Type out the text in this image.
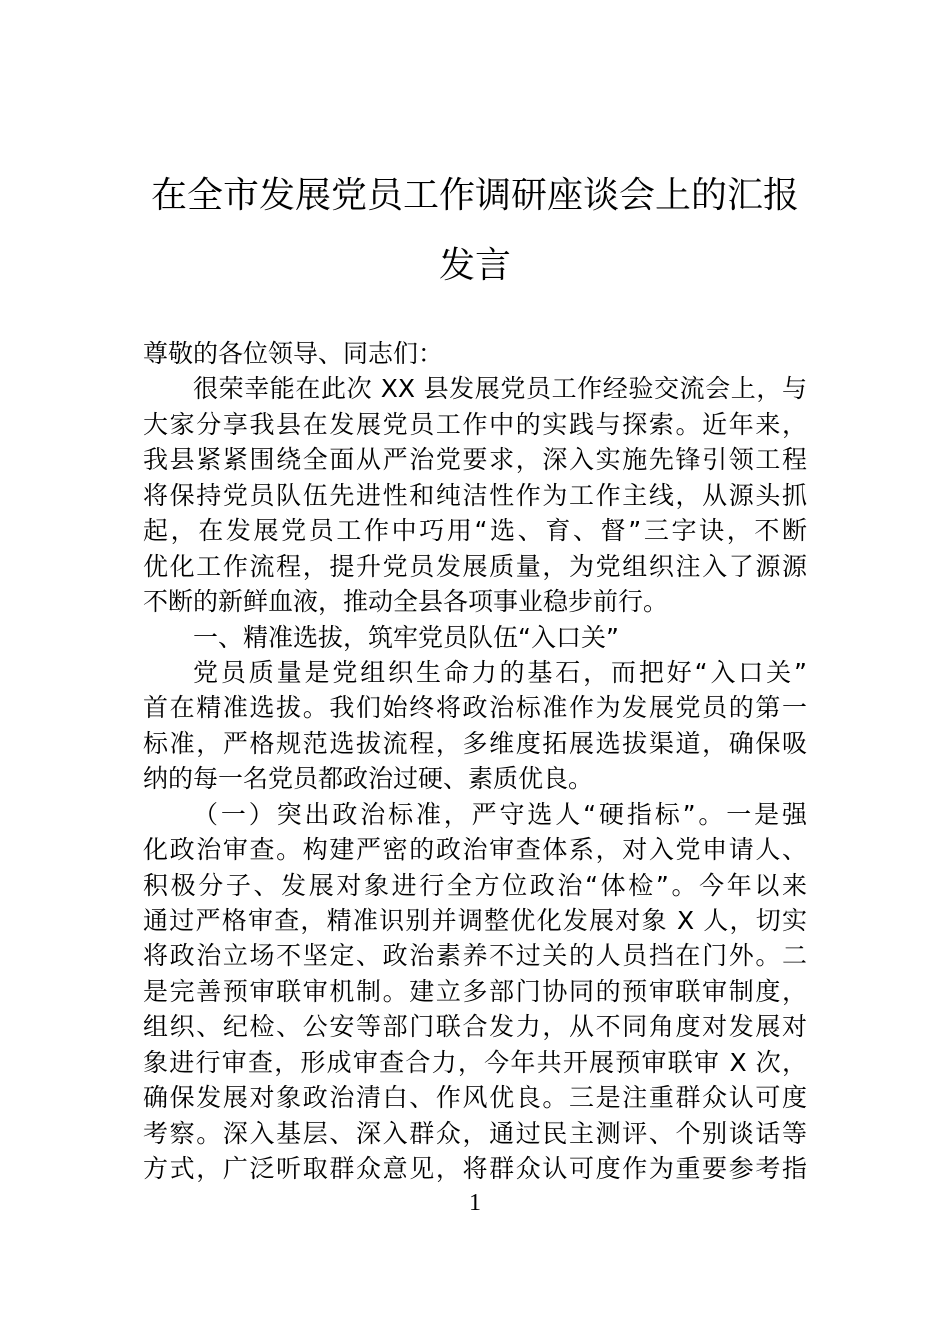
在全市发展党员工作调研座谈会上的汇报
发言
尊敬的各位领导、同志们：
很荣幸能在此次 XX 县发展党员工作经验交流会上，与
大家分享我县在发展党员工作中的实践与探索。近年来，
我县紧紧围绕全面从严治党要求，深入实施先锋引领工程
将保持党员队伍先进性和纯洁性作为工作主线，从源头抓
起，在发展党员工作中巧用“选、育、督”三字诀，不断
优化工作流程，提升党员发展质量，为党组织注入了源源
不断的新鲜血液，推动全县各项事业稳步前行。
一、精准选拔，筑牢党员队伍“入口关”
党员质量是党组织生命力的基石，而把好“入口关”
首在精准选拔。我们始终将政治标准作为发展党员的第一
标准，严格规范选拔流程，多维度拓展选拔渠道，确保吸
纳的每一名党员都政治过硬、素质优良。
（一）突出政治标准，严守选人“硬指标”。一是强
化政治审查。构建严密的政治审查体系，对入党申请人、
积极分子、发展对象进行全方位政治“体检”。今年以来
通过严格审查，精准识别并调整优化发展对象 X 人，切实
将政治立场不坚定、政治素养不过关的人员挡在门外。二
是完善预审联审机制。建立多部门协同的预审联审制度，
组织、纪检、公安等部门联合发力，从不同角度对发展对
象进行审查，形成审查合力，今年共开展预审联审 X 次，
确保发展对象政治清白、作风优良。三是注重群众认可度
考察。深入基层、深入群众，通过民主测评、个别谈话等
方式，广泛听取群众意见，将群众认可度作为重要参考指
1
